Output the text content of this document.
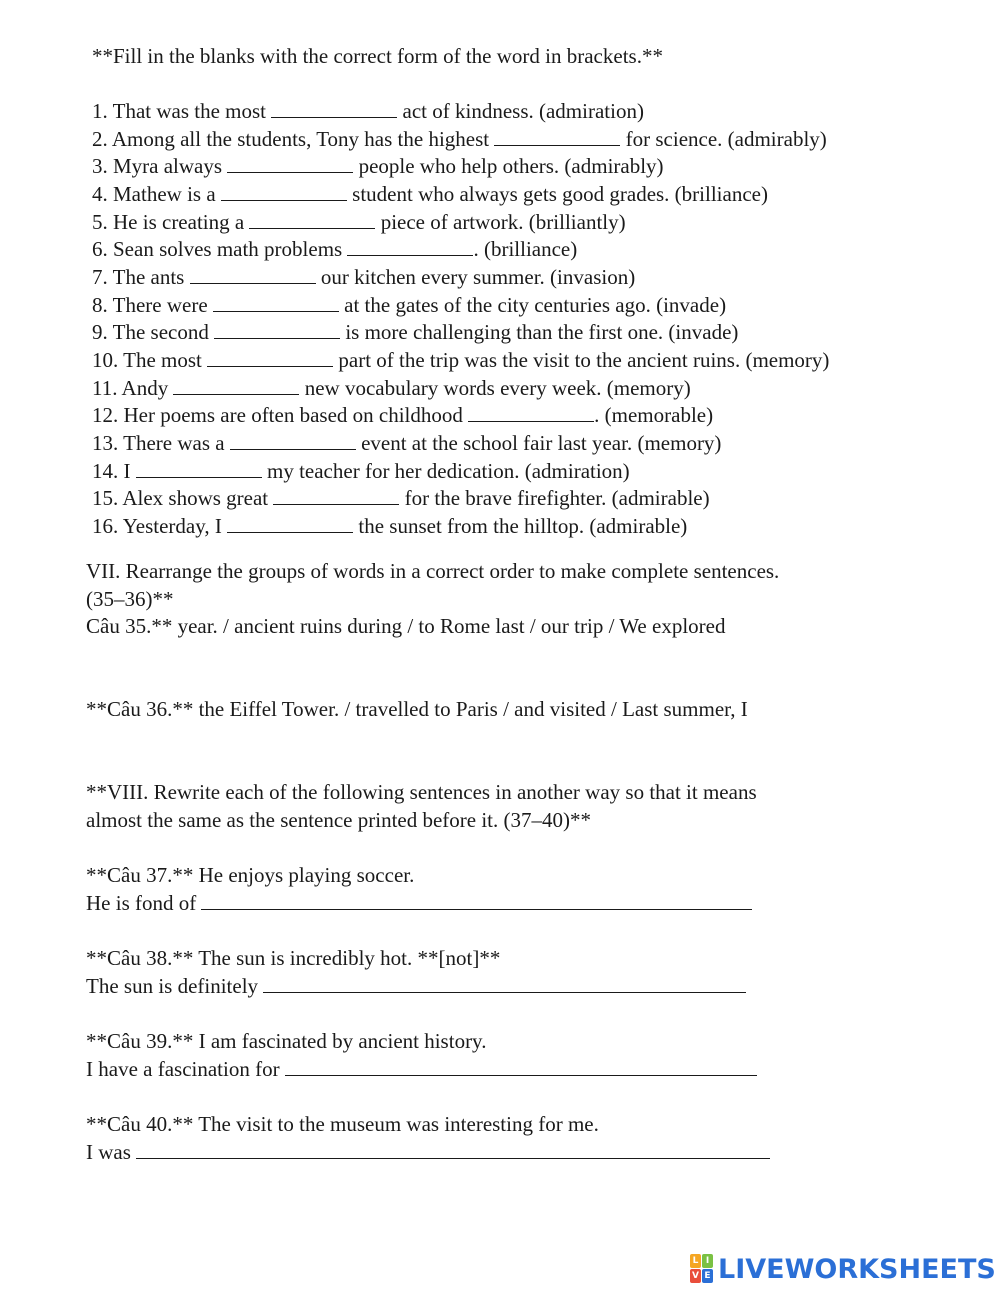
**Fill in the blanks with the correct form of the word in brackets.**

1. That was the most	act of kindness. (admiration)

2. Among all the students, Tony has the highest	for science. (admirably)

3. Myra always	people who help others. (admirably)

4. Mathew is a	student who always gets good grades. (brilliance)

5. He is creating a	piece of artwork. (brilliantly)

6. Sean solves math problems	. (brilliance)

7. The ants	our kitchen every summer. (invasion)

8. There were	at the gates of the city centuries ago. (invade)

9. The second	is more challenging than the first one. (invade)

10. The most	part of the trip was the visit to the ancient ruins. (memory)

11. Andy	new vocabulary words every week. (memory)

12. Her poems are often based on childhood	. (memorable)

13. There was a	event at the school fair last year. (memory)

14. I	my teacher for her dedication. (admiration)

15. Alex shows great	for the brave firefighter. (admirable)

16. Yesterday, I	the sunset from the hilltop. (admirable)

VII. Rearrange the groups of words in a correct order to make complete sentences.

(35–36)**

Câu 35.** year. / ancient ruins during / to Rome last / our trip / We explored

**Câu 36.** the Eiffel Tower. / travelled to Paris / and visited / Last summer, I

**VIII. Rewrite each of the following sentences in another way so that it means

almost the same as the sentence printed before it. (37–40)**

**Câu 37.** He enjoys playing soccer.

He is fond of

**Câu 38.** The sun is incredibly hot. **[not]**

The sun is definitely

**Câu 39.** I am fascinated by ancient history.

I have a fascination for

**Câu 40.** The visit to the museum was interesting for me.

I was

L I
V E LIVEWORKSHEETS
